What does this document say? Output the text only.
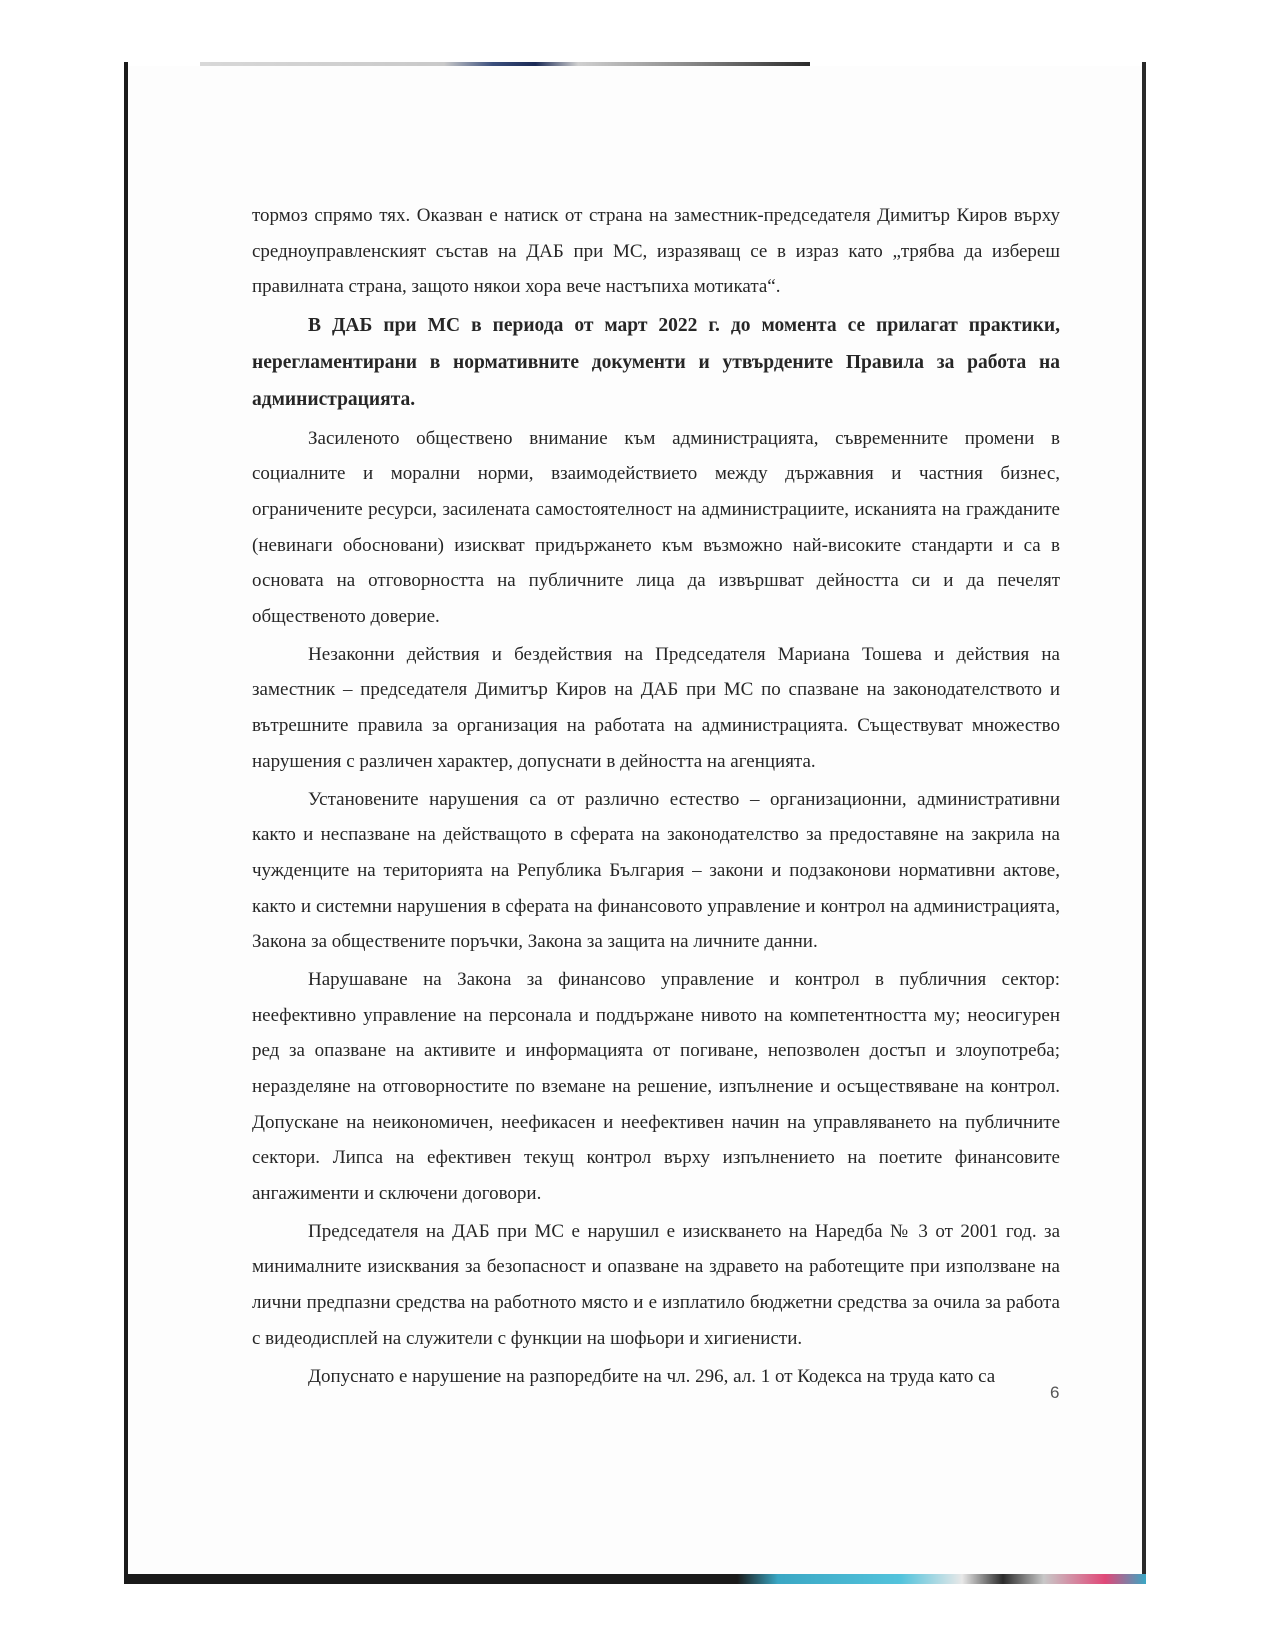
тормоз спрямо тях. Оказван е натиск от страна на заместник-председателя Димитър Киров върху средноуправленският състав на ДАБ при МС, изразяващ се в израз като „трябва да избереш правилната страна, защото някои хора вече настъпиха мотиката“.

В ДАБ при МС в периода от март 2022 г. до момента се прилагат практики, нерегламентирани в нормативните документи и утвърдените Правила за работа на администрацията.

Засиленото обществено внимание към администрацията, съвременните промени в социалните и морални норми, взаимодействието между държавния и частния бизнес, ограничените ресурси, засилената самостоятелност на администрациите, исканията на гражданите (невинаги обосновани) изискват придържането към възможно най-високите стандарти и са в основата на отговорността на публичните лица да извършват дейността си и да печелят общественото доверие.

Незаконни действия и бездействия на Председателя Мариана Тошева и действия на заместник – председателя Димитър Киров на ДАБ при МС по спазване на законодателството и вътрешните правила за организация на работата на администрацията. Съществуват множество нарушения с различен характер, допуснати в дейността на агенцията.

Установените нарушения са от различно естество – организационни, административни както и неспазване на действащото в сферата на законодателство за предоставяне на закрила на чужденците на територията на Република България – закони и подзаконови нормативни актове, както и системни нарушения в сферата на финансовото управление и контрол на администрацията, Закона за обществените поръчки, Закона за защита на личните данни.

Нарушаване на Закона за финансово управление и контрол в публичния сектор: неефективно управление на персонала и поддържане нивото на компетентността му; неосигурен ред за опазване на активите и информацията от погиване, непозволен достъп и злоупотреба; неразделяне на отговорностите по вземане на решение, изпълнение и осъществяване на контрол. Допускане на неикономичен, неефикасен и неефективен начин на управляването на публичните сектори. Липса на ефективен текущ контрол върху изпълнението на поетите финансовите ангажименти и сключени договори.

Председателя на ДАБ при МС е нарушил е изискването на Наредба № 3 от 2001 год. за минималните изисквания за безопасност и опазване на здравето на работещите при използване на лични предпазни средства на работното място и е изплатило бюджетни средства за очила за работа с видеодисплей на служители с функции на шофьори и хигиенисти.

Допуснато е нарушение на разпоредбите на чл. 296, ал. 1 от Кодекса на труда като са

6
